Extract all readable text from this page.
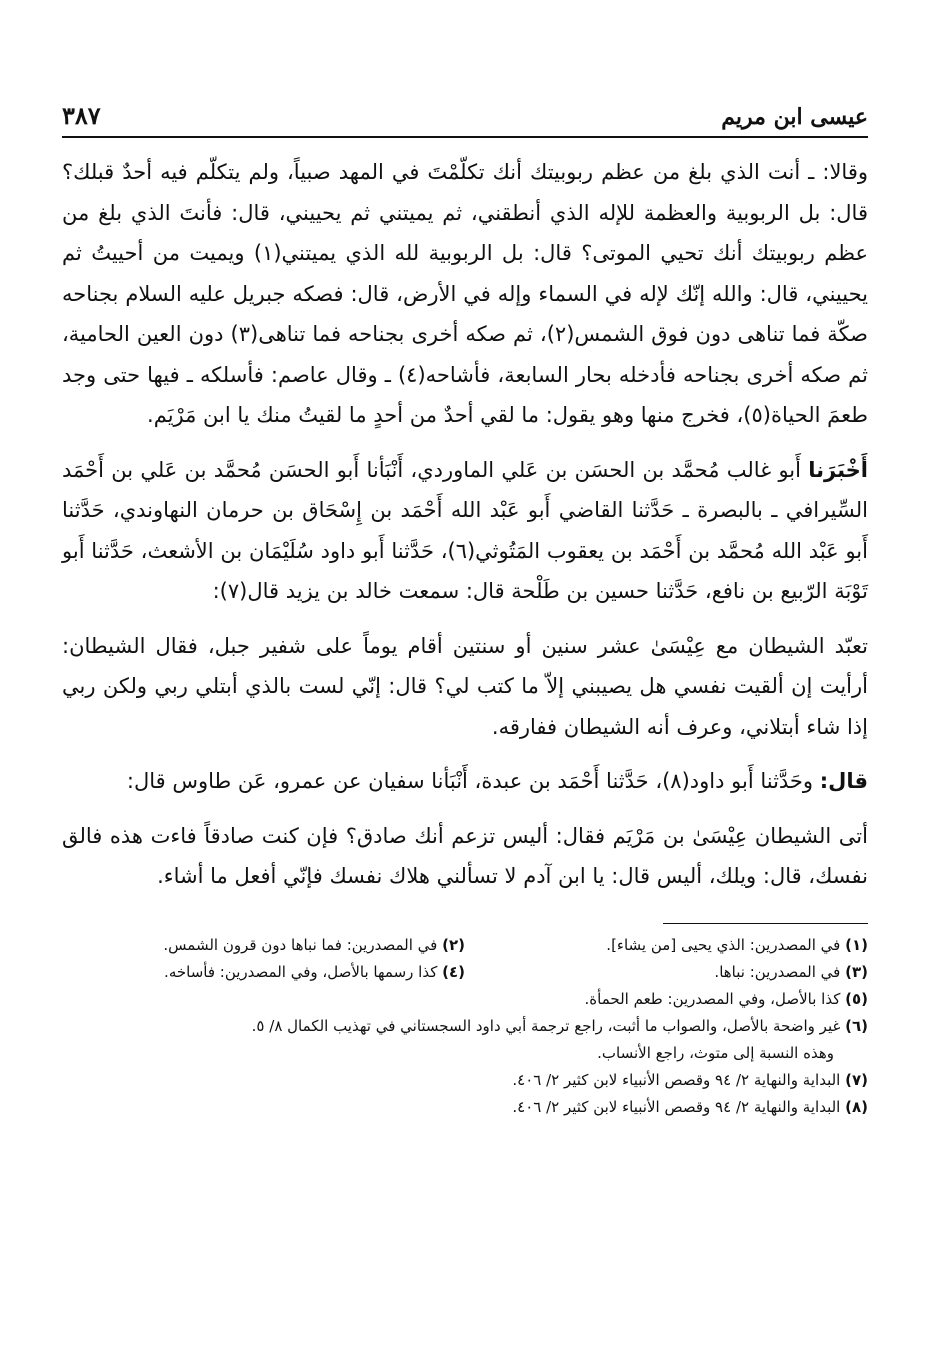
عيسى ابن مريم
٣٨٧

وقالا: ـ أنت الذي بلغ من عظم ربوبيتك أنك تكلّمْتَ في المهد صبياً، ولم يتكلّم فيه أحدٌ قبلك؟ قال: بل الربوبية والعظمة للإله الذي أنطقني، ثم يميتني ثم يحييني، قال: فأنتَ الذي بلغ من عظم ربوبيتك أنك تحيي الموتى؟ قال: بل الربوبية لله الذي يميتني(١) ويميت من أحييتُ ثم يحييني، قال: والله إنّك لإله في السماء وإله في الأرض، قال: فصكه جبريل عليه السلام بجناحه صكّة فما تناهى دون فوق الشمس(٢)، ثم صكه أخرى بجناحه فما تناهى(٣) دون العين الحامية، ثم صكه أخرى بجناحه فأدخله بحار السابعة، فأشاحه(٤) ـ وقال عاصم: فأسلكه ـ فيها حتى وجد طعمَ الحياة(٥)، فخرج منها وهو يقول: ما لقي أحدٌ من أحدٍ ما لقيتُ منك يا ابن مَرْيَم.

أَخْبَرَنا أَبو غالب مُحمَّد بن الحسَن بن عَلي الماوردي، أَنْبَأنا أَبو الحسَن مُحمَّد بن عَلي بن أَحْمَد السِّيرافي ـ بالبصرة ـ حَدَّثنا القاضي أَبو عَبْد الله أَحْمَد بن إِسْحَاق بن حرمان النهاوندي، حَدَّثنا أَبو عَبْد الله مُحمَّد بن أَحْمَد بن يعقوب المَتُوثي(٦)، حَدَّثنا أَبو داود سُلَيْمَان بن الأشعث، حَدَّثنا أَبو تَوْبَة الرّبيع بن نافع، حَدَّثنا حسين بن طَلْحة قال: سمعت خالد بن يزيد قال(٧):

تعبّد الشيطان مع عِيْسَىٰ عشر سنين أو سنتين أقام يوماً على شفير جبل، فقال الشيطان: أرأيت إن ألقيت نفسي هل يصيبني إلاّ ما كتب لي؟ قال: إنّي لست بالذي أبتلي ربي ولكن ربي إذا شاء أبتلاني، وعرف أنه الشيطان ففارقه.

قال: وحَدَّثنا أَبو داود(٨)، حَدَّثنا أَحْمَد بن عبدة، أَنْبَأنا سفيان عن عمرو، عَن طاوس قال:

أتى الشيطان عِيْسَىٰ بن مَرْيَم فقال: أليس تزعم أنك صادق؟ فإن كنت صادقاً فاءت هذه فالق نفسك، قال: ويلك، أليس قال: يا ابن آدم لا تسألني هلاك نفسك فإنّي أفعل ما أشاء.

(١) في المصدرين: الذي يحيى [من يشاء].
(٢) في المصدرين: فما نباها دون قرون الشمس.
(٣) في المصدرين: نباها.
(٤) كذا رسمها بالأصل، وفي المصدرين: فأساخه.
(٥) كذا بالأصل، وفي المصدرين: طعم الحمأة.
(٦) غير واضحة بالأصل، والصواب ما أثبت، راجع ترجمة أبي داود السجستاني في تهذيب الكمال ٨/ ٥.
وهذه النسبة إلى متوث، راجع الأنساب.
(٧) البداية والنهاية ٢/ ٩٤ وقصص الأنبياء لابن كثير ٢/ ٤٠٦.
(٨) البداية والنهاية ٢/ ٩٤ وقصص الأنبياء لابن كثير ٢/ ٤٠٦.
